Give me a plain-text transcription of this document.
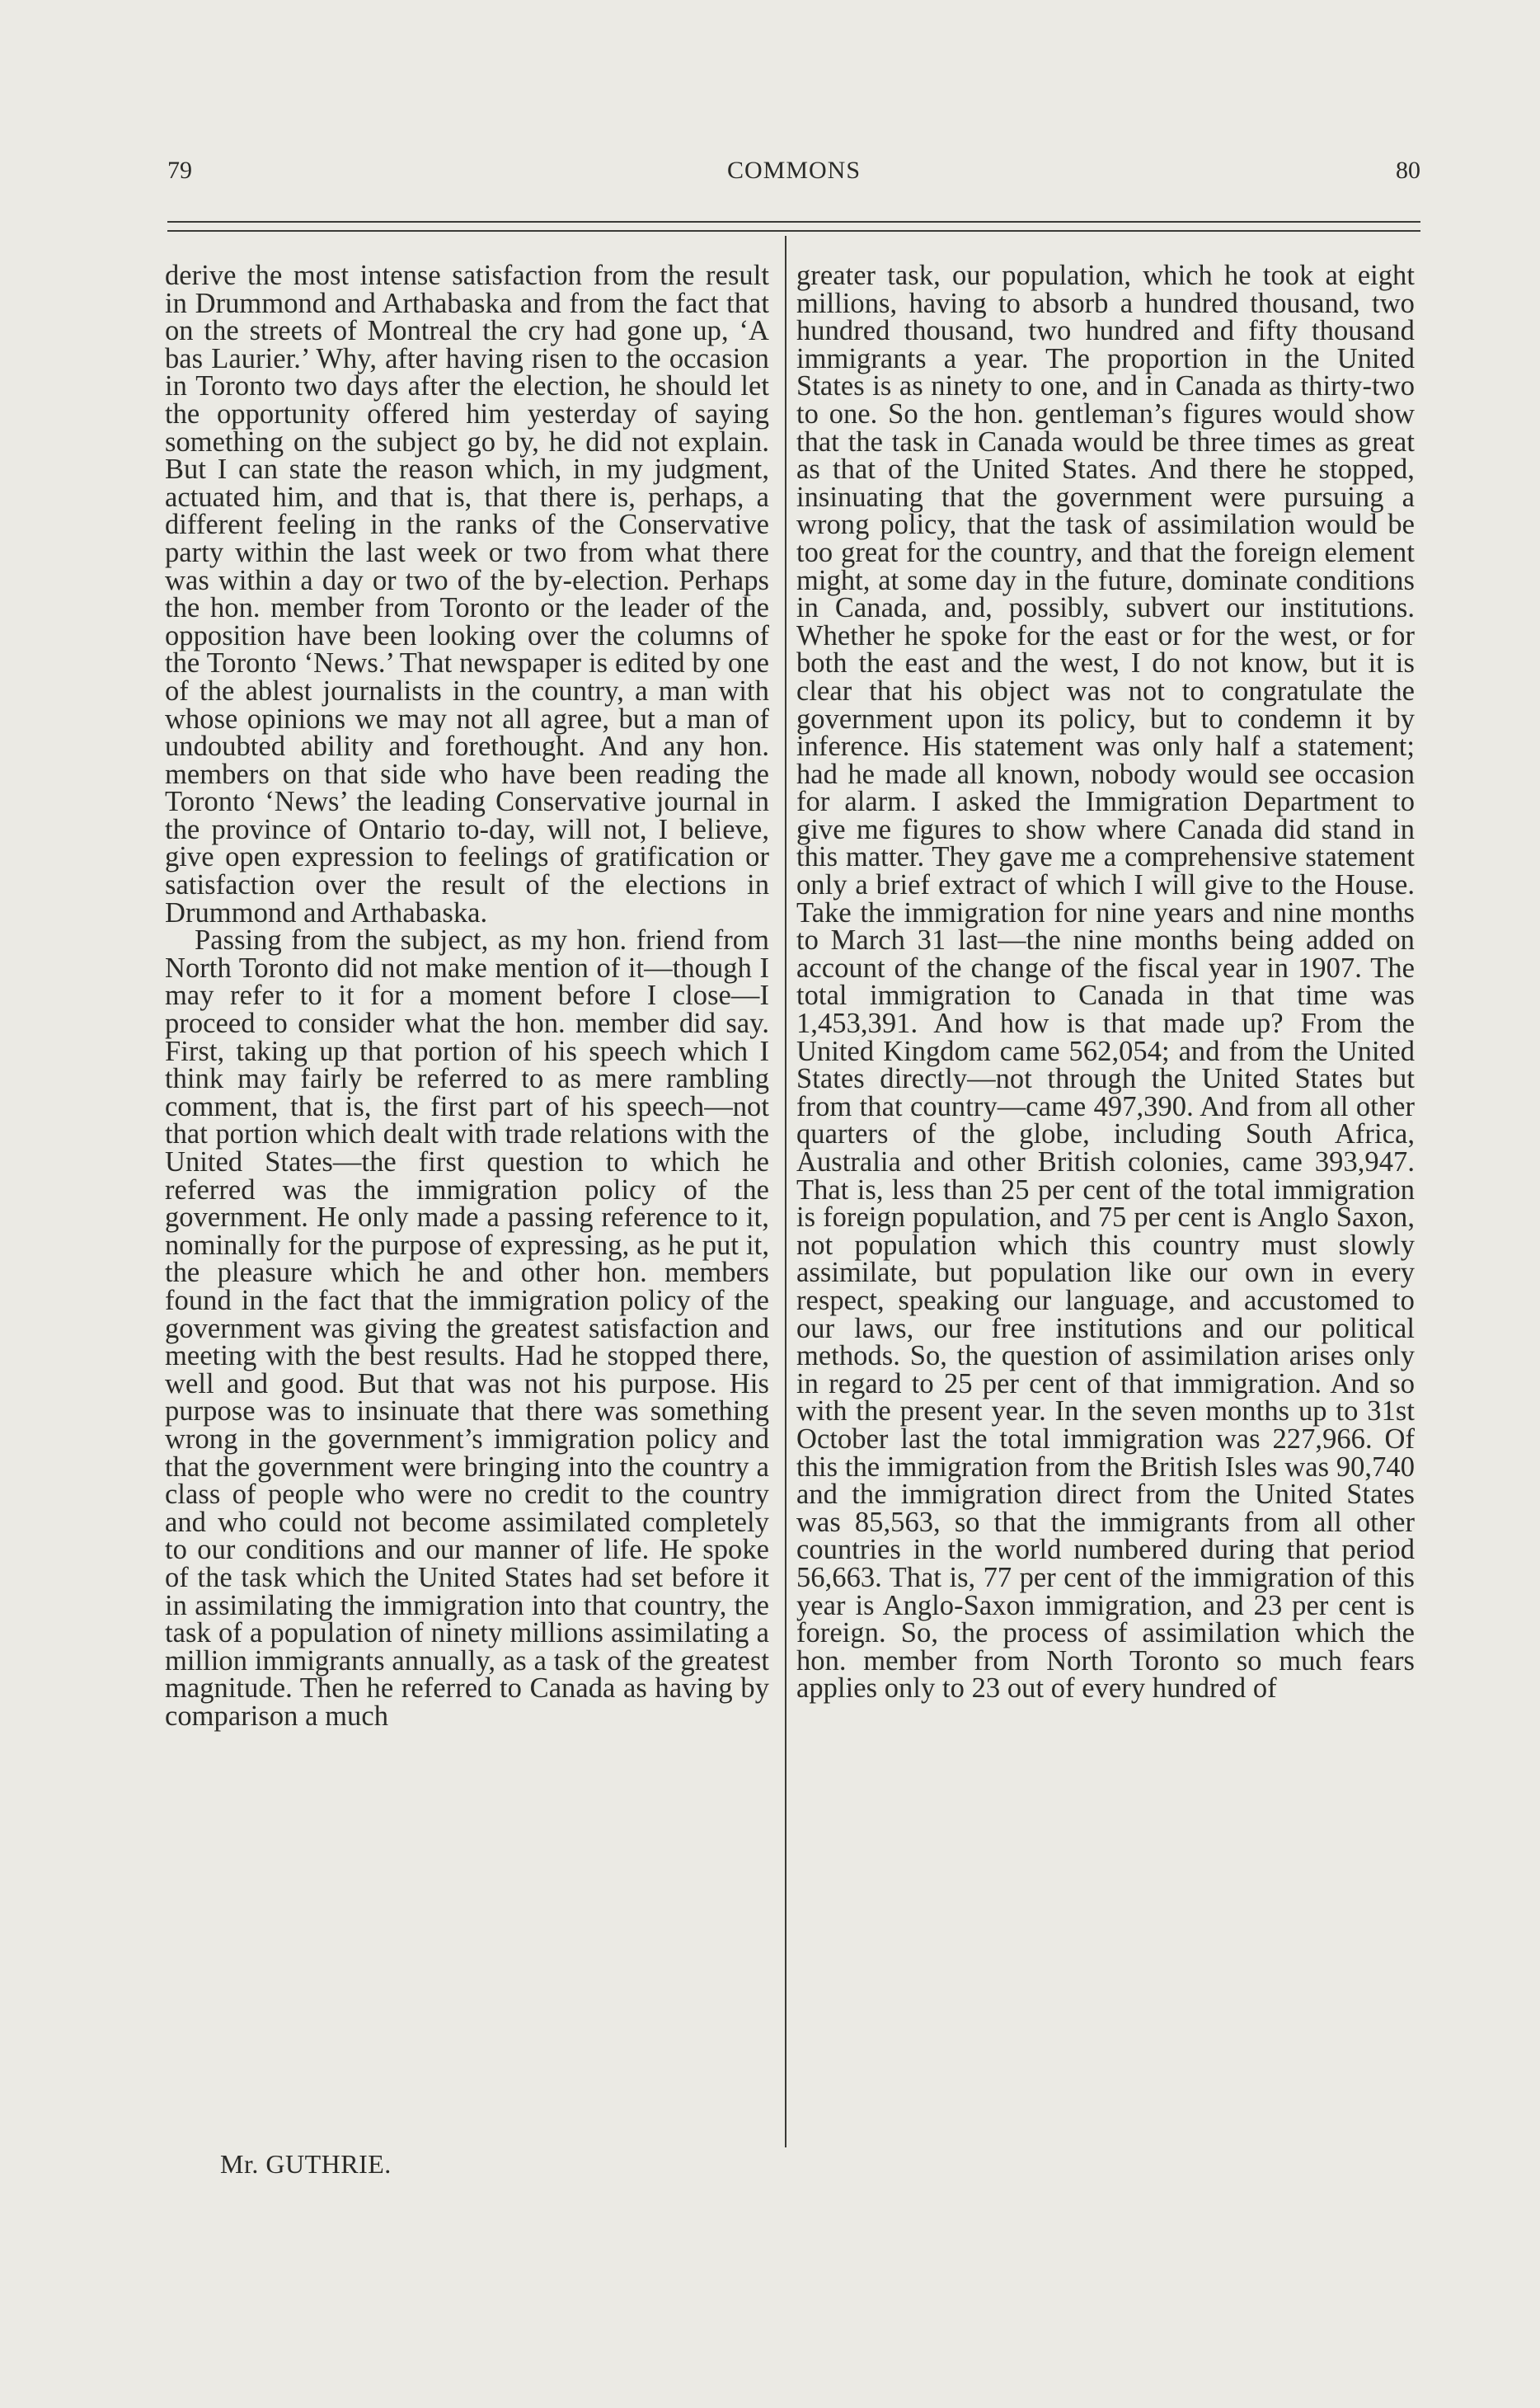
79	COMMONS	80

derive the most intense satisfaction from the result in Drummond and Arthabaska and from the fact that on the streets of Montreal the cry had gone up, ‘A bas Laurier.’ Why, after having risen to the occasion in Toronto two days after the election, he should let the opportunity offered him yesterday of saying something on the subject go by, he did not explain. But I can state the reason which, in my judgment, actuated him, and that is, that there is, perhaps, a different feeling in the ranks of the Conservative party within the last week or two from what there was within a day or two of the by-election. Perhaps the hon. member from Toronto or the leader of the opposition have been looking over the columns of the Toronto ‘News.’ That newspaper is edited by one of the ablest journalists in the country, a man with whose opinions we may not all agree, but a man of undoubted ability and forethought. And any hon. members on that side who have been reading the Toronto ‘News’ the leading Conservative journal in the province of Ontario to-day, will not, I believe, give open expression to feelings of gratification or satisfaction over the result of the elections in Drummond and Arthabaska.

Passing from the subject, as my hon. friend from North Toronto did not make mention of it—though I may refer to it for a moment before I close—I proceed to consider what the hon. member did say. First, taking up that portion of his speech which I think may fairly be referred to as mere rambling comment, that is, the first part of his speech—not that portion which dealt with trade relations with the United States—the first question to which he referred was the immigration policy of the government. He only made a passing reference to it, nominally for the purpose of expressing, as he put it, the pleasure which he and other hon. members found in the fact that the immigration policy of the government was giving the greatest satisfaction and meeting with the best results. Had he stopped there, well and good. But that was not his purpose. His purpose was to insinuate that there was something wrong in the government’s immigration policy and that the government were bringing into the country a class of people who were no credit to the country and who could not become assimilated completely to our conditions and our manner of life. He spoke of the task which the United States had set before it in assimilating the immigration into that country, the task of a population of ninety millions assimilating a million immigrants annually, as a task of the greatest magnitude. Then he referred to Canada as having by comparison a much

greater task, our population, which he took at eight millions, having to absorb a hundred thousand, two hundred thousand, two hundred and fifty thousand immigrants a year. The proportion in the United States is as ninety to one, and in Canada as thirty-two to one. So the hon. gentleman’s figures would show that the task in Canada would be three times as great as that of the United States. And there he stopped, insinuating that the government were pursuing a wrong policy, that the task of assimilation would be too great for the country, and that the foreign element might, at some day in the future, dominate conditions in Canada, and, possibly, subvert our institutions. Whether he spoke for the east or for the west, or for both the east and the west, I do not know, but it is clear that his object was not to congratulate the government upon its policy, but to condemn it by inference. His statement was only half a statement; had he made all known, nobody would see occasion for alarm. I asked the Immigration Department to give me figures to show where Canada did stand in this matter. They gave me a comprehensive statement only a brief extract of which I will give to the House. Take the immigration for nine years and nine months to March 31 last—the nine months being added on account of the change of the fiscal year in 1907. The total immigration to Canada in that time was 1,453,391. And how is that made up? From the United Kingdom came 562,054; and from the United States directly—not through the United States but from that country—came 497,390. And from all other quarters of the globe, including South Africa, Australia and other British colonies, came 393,947. That is, less than 25 per cent of the total immigration is foreign population, and 75 per cent is Anglo Saxon, not population which this country must slowly assimilate, but population like our own in every respect, speaking our language, and accustomed to our laws, our free institutions and our political methods. So, the question of assimilation arises only in regard to 25 per cent of that immigration. And so with the present year. In the seven months up to 31st October last the total immigration was 227,966. Of this the immigration from the British Isles was 90,740 and the immigration direct from the United States was 85,563, so that the immigrants from all other countries in the world numbered during that period 56,663. That is, 77 per cent of the immigration of this year is Anglo-Saxon immigration, and 23 per cent is foreign. So, the process of assimilation which the hon. member from North Toronto so much fears applies only to 23 out of every hundred of

Mr. GUTHRIE.
